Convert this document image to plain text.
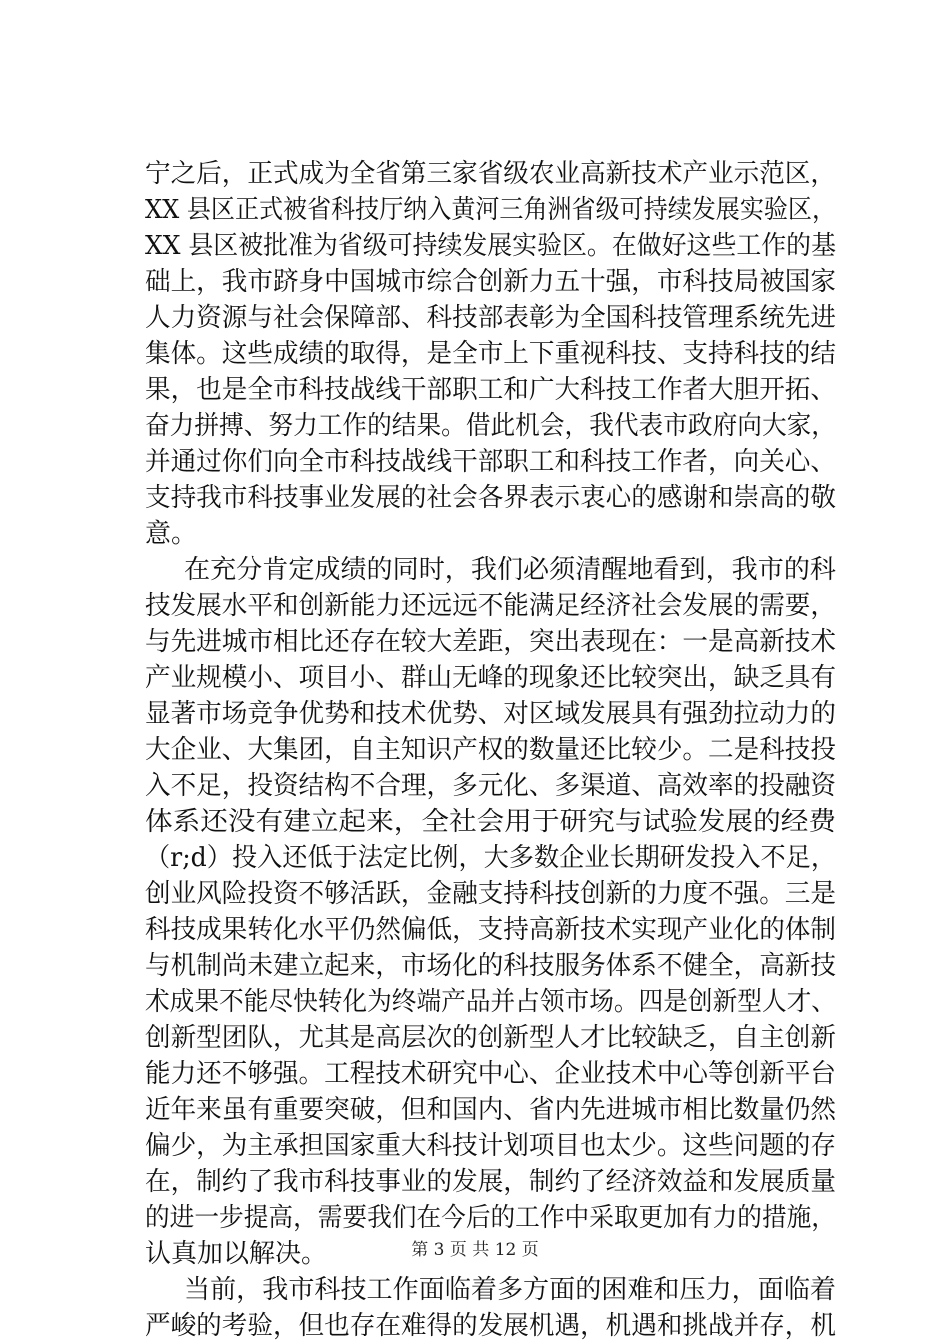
宁之后，正式成为全省第三家省级农业高新技术产业示范区，
XX 县区正式被省科技厅纳入黄河三角洲省级可持续发展实验区，
XX 县区被批准为省级可持续发展实验区。在做好这些工作的基
础上，我市跻身中国城市综合创新力五十强，市科技局被国家
人力资源与社会保障部、科技部表彰为全国科技管理系统先进
集体。这些成绩的取得，是全市上下重视科技、支持科技的结
果，也是全市科技战线干部职工和广大科技工作者大胆开拓、
奋力拼搏、努力工作的结果。借此机会，我代表市政府向大家，
并通过你们向全市科技战线干部职工和科技工作者，向关心、
支持我市科技事业发展的社会各界表示衷心的感谢和崇高的敬
意。
在充分肯定成绩的同时，我们必须清醒地看到，我市的科
技发展水平和创新能力还远远不能满足经济社会发展的需要，
与先进城市相比还存在较大差距，突出表现在：一是高新技术
产业规模小、项目小、群山无峰的现象还比较突出，缺乏具有
显著市场竞争优势和技术优势、对区域发展具有强劲拉动力的
大企业、大集团，自主知识产权的数量还比较少。二是科技投
入不足，投资结构不合理，多元化、多渠道、高效率的投融资
体系还没有建立起来，全社会用于研究与试验发展的经费
（r;d）投入还低于法定比例，大多数企业长期研发投入不足，
创业风险投资不够活跃，金融支持科技创新的力度不强。三是
科技成果转化水平仍然偏低，支持高新技术实现产业化的体制
与机制尚未建立起来，市场化的科技服务体系不健全，高新技
术成果不能尽快转化为终端产品并占领市场。四是创新型人才、
创新型团队，尤其是高层次的创新型人才比较缺乏，自主创新
能力还不够强。工程技术研究中心、企业技术中心等创新平台
近年来虽有重要突破，但和国内、省内先进城市相比数量仍然
偏少，为主承担国家重大科技计划项目也太少。这些问题的存
在，制约了我市科技事业的发展，制约了经济效益和发展质量
的进一步提高，需要我们在今后的工作中采取更加有力的措施，
认真加以解决。
当前，我市科技工作面临着多方面的困难和压力，面临着
严峻的考验，但也存在难得的发展机遇，机遇和挑战并存，机
第 3 页 共 12 页
